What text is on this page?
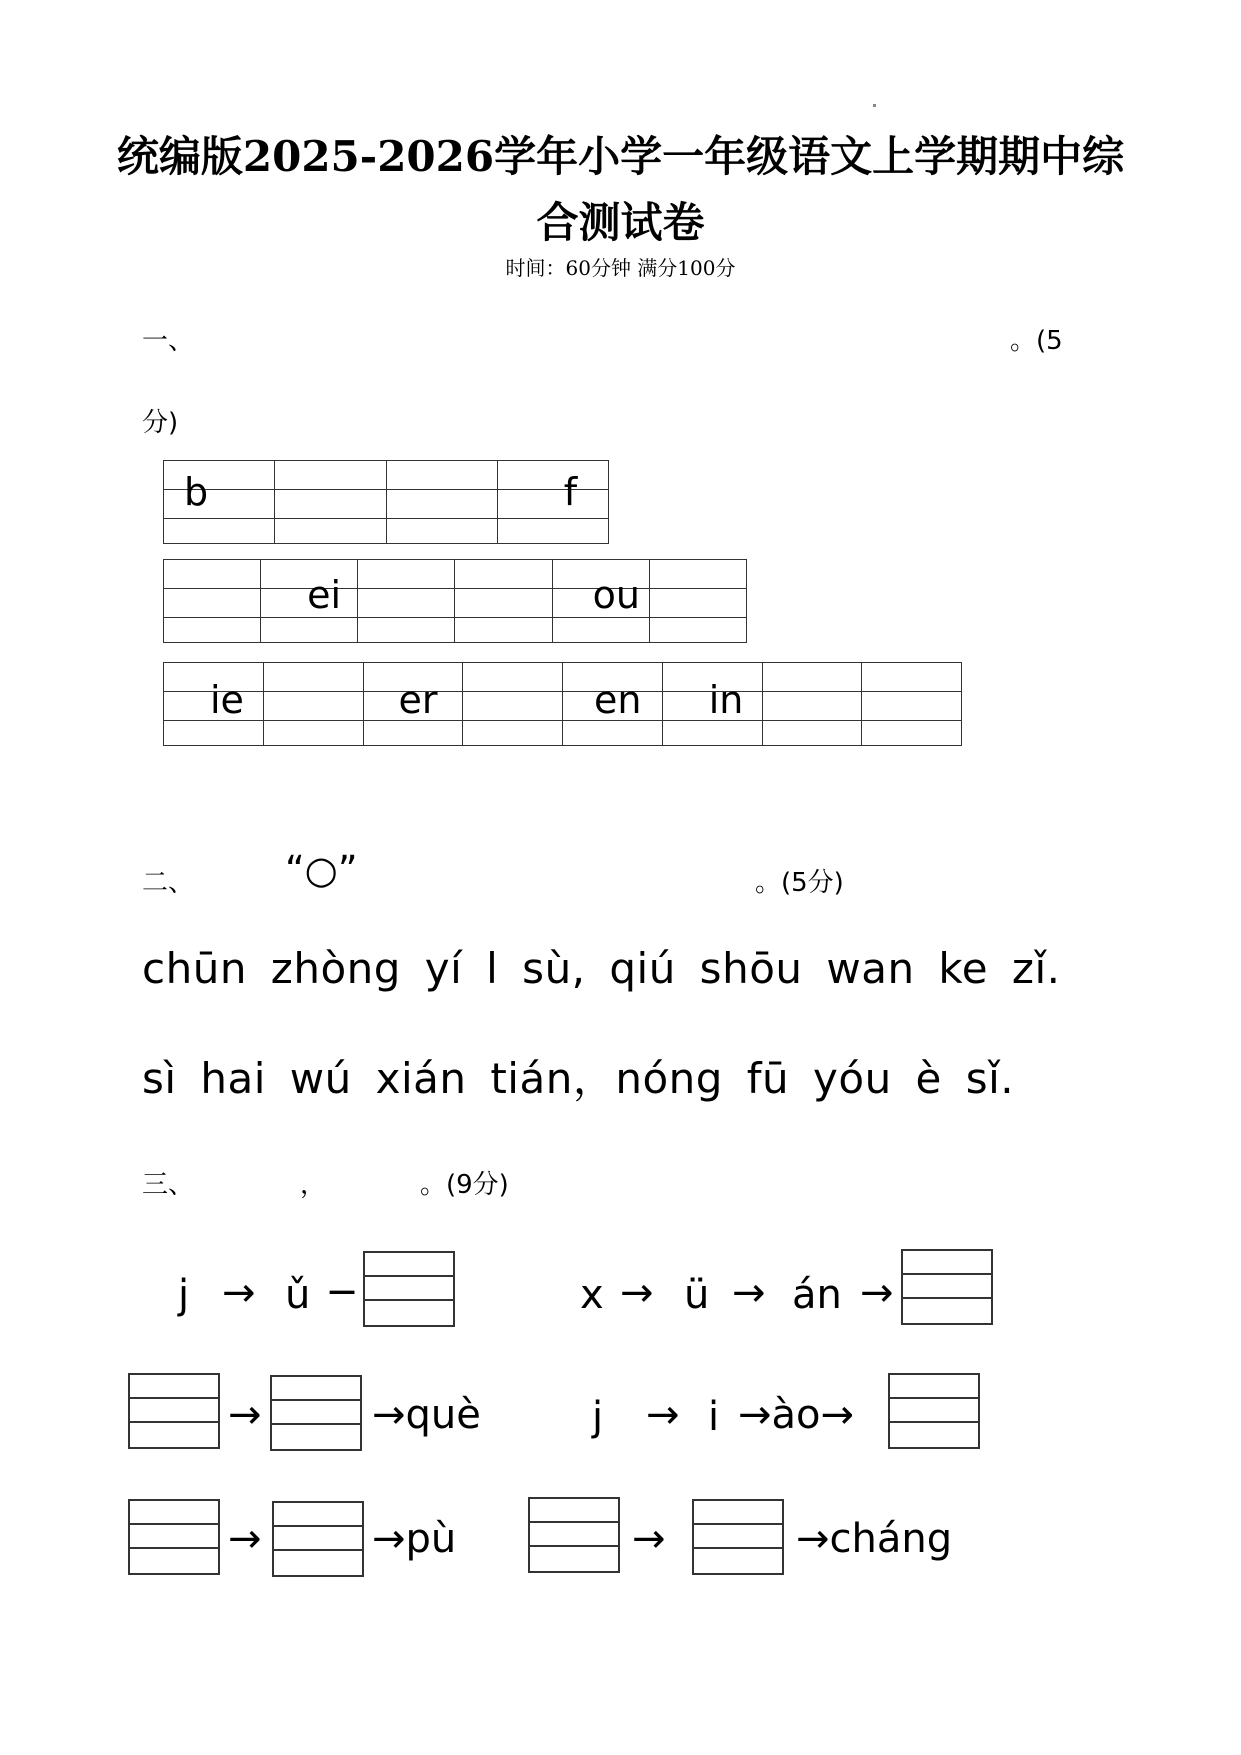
统编版2025-2026学年小学一年级语文上学期期中综
合测试卷
时间：60分钟 满分100分
一、	。(5
分)
b			f

	ei			ou	

ie		er		en	in		

二、 “○”	。(5分)
chūn zhòng yí l sù, qiú shōu wan ke zǐ.
sì hai wú xián tián，nóng fū yóu è sǐ.
三、	，	。(9分)
j → ǔ ─	x → ü → án →
→	→què	j → i →ào→
→	→pù	→	→cháng
